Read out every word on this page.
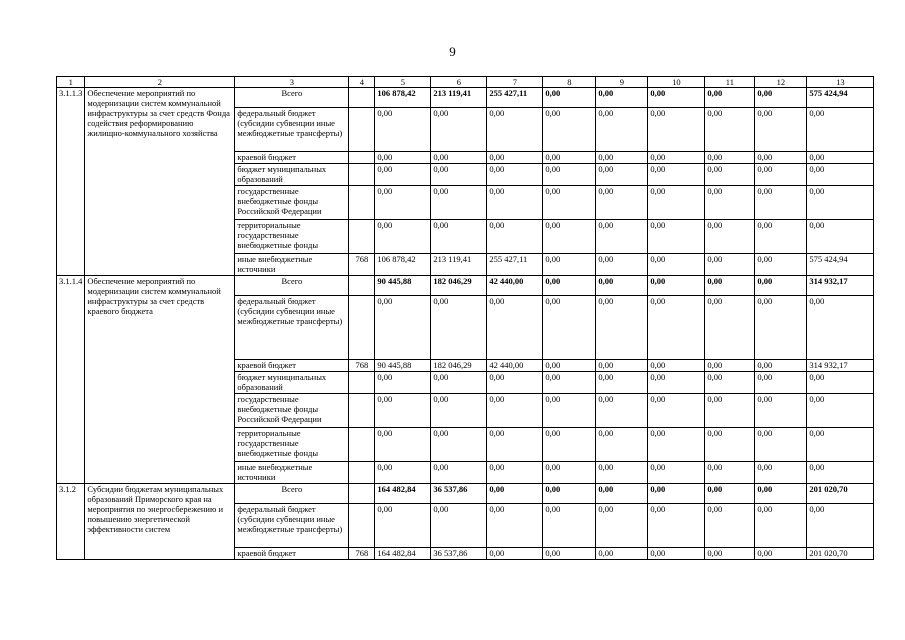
9
1	2	3	4	5	6	7	8	9	10	11	12	13
3.1.1.3	Обеспечение мероприятий по модернизации систем коммунальной инфраструктуры за счет средств Фонда содействия реформированию жилищно-коммунального хозяйства	Всего		106 878,42	213 119,41	255 427,11	0,00	0,00	0,00	0,00	0,00	575 424,94
		федеральный бюджет (субсидии субвенции иные межбюджетные трансферты)		0,00	0,00	0,00	0,00	0,00	0,00	0,00	0,00	0,00
		краевой бюджет		0,00	0,00	0,00	0,00	0,00	0,00	0,00	0,00	0,00
		бюджет муниципальных образований		0,00	0,00	0,00	0,00	0,00	0,00	0,00	0,00	0,00
		государственные внебюджетные фонды Российской Федерации		0,00	0,00	0,00	0,00	0,00	0,00	0,00	0,00	0,00
		территориальные государственные внебюджетные фонды		0,00	0,00	0,00	0,00	0,00	0,00	0,00	0,00	0,00
		иные внебюджетные источники	768	106 878,42	213 119,41	255 427,11	0,00	0,00	0,00	0,00	0,00	575 424,94
3.1.1.4	Обеспечение мероприятий по модернизации систем коммунальной инфраструктуры за счет средств краевого бюджета	Всего		90 445,88	182 046,29	42 440,00	0,00	0,00	0,00	0,00	0,00	314 932,17
		федеральный бюджет (субсидии субвенции иные межбюджетные трансферты)		0,00	0,00	0,00	0,00	0,00	0,00	0,00	0,00	0,00
		краевой бюджет	768	90 445,88	182 046,29	42 440,00	0,00	0,00	0,00	0,00	0,00	314 932,17
		бюджет муниципальных образований		0,00	0,00	0,00	0,00	0,00	0,00	0,00	0,00	0,00
		государственные внебюджетные фонды Российской Федерации		0,00	0,00	0,00	0,00	0,00	0,00	0,00	0,00	0,00
		территориальные государственные внебюджетные фонды		0,00	0,00	0,00	0,00	0,00	0,00	0,00	0,00	0,00
		иные внебюджетные источники		0,00	0,00	0,00	0,00	0,00	0,00	0,00	0,00	0,00
3.1.2	Субсидии бюджетам муниципальных образований Приморского края на мероприятия по энергосбережению и повышению энергетической эффективности систем	Всего		164 482,84	36 537,86	0,00	0,00	0,00	0,00	0,00	0,00	201 020,70
		федеральный бюджет (субсидии субвенции иные межбюджетные трансферты)		0,00	0,00	0,00	0,00	0,00	0,00	0,00	0,00	0,00
		краевой бюджет	768	164 482,84	36 537,86	0,00	0,00	0,00	0,00	0,00	0,00	201 020,70
